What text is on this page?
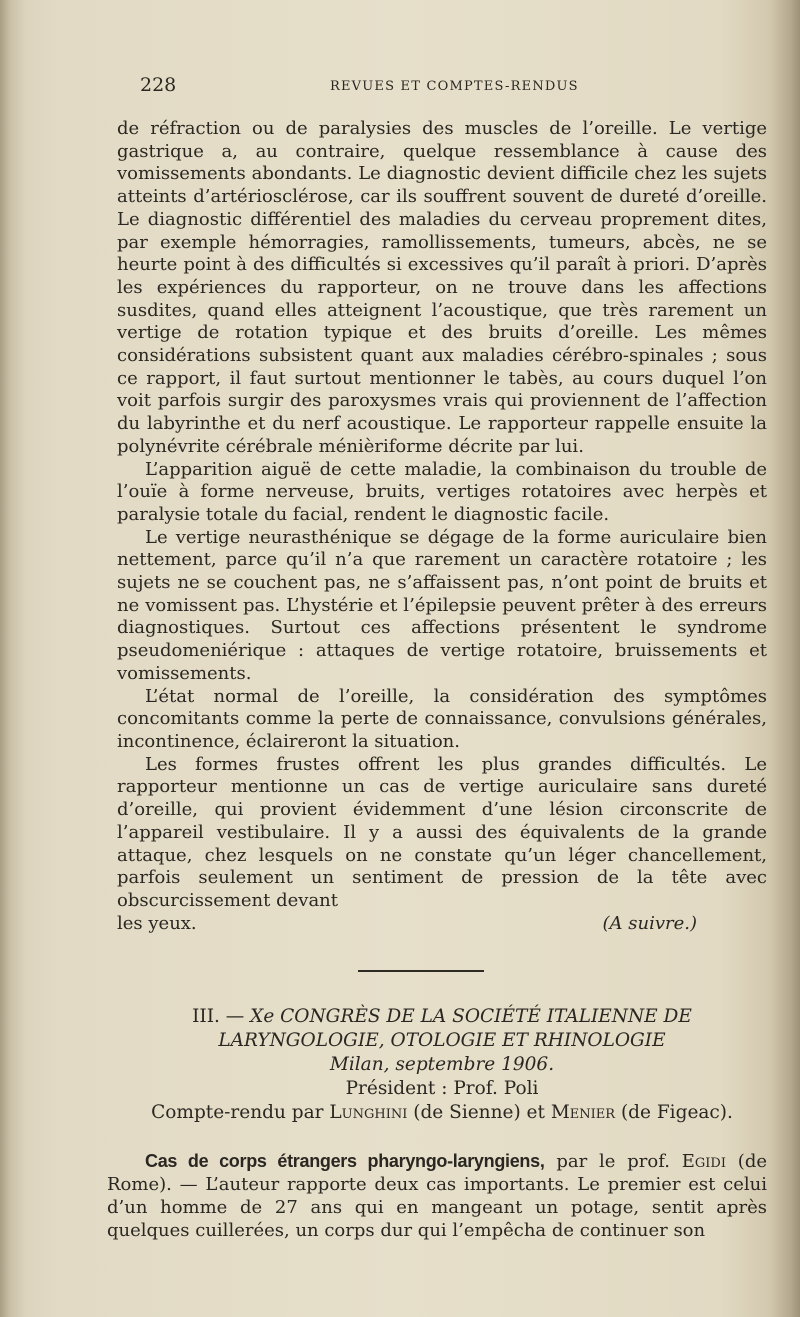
228	REVUES ET COMPTES-RENDUS

de réfraction ou de paralysies des muscles de l’oreille. Le vertige gastrique a, au contraire, quelque ressemblance à cause des vomissements abondants. Le diagnostic devient difficile chez les sujets atteints d’artériosclérose, car ils souffrent souvent de dureté d’oreille. Le diagnostic différentiel des maladies du cerveau proprement dites, par exemple hémorragies, ramollissements, tumeurs, abcès, ne se heurte point à des difficultés si excessives qu’il paraît à priori. D’après les expériences du rapporteur, on ne trouve dans les affections susdites, quand elles atteignent l’acoustique, que très rarement un vertige de rotation typique et des bruits d’oreille. Les mêmes considérations subsistent quant aux maladies cérébro-spinales ; sous ce rapport, il faut surtout mentionner le tabès, au cours duquel l’on voit parfois surgir des paroxysmes vrais qui proviennent de l’affection du labyrinthe et du nerf acoustique. Le rapporteur rappelle ensuite la polynévrite cérébrale ménièriforme décrite par lui.

L’apparition aiguë de cette maladie, la combinaison du trouble de l’ouïe à forme nerveuse, bruits, vertiges rotatoires avec herpès et paralysie totale du facial, rendent le diagnostic facile.

Le vertige neurasthénique se dégage de la forme auriculaire bien nettement, parce qu’il n’a que rarement un caractère rotatoire ; les sujets ne se couchent pas, ne s’affaissent pas, n’ont point de bruits et ne vomissent pas. L’hystérie et l’épilepsie peuvent prêter à des erreurs diagnostiques. Surtout ces affections présentent le syndrome pseudomeniérique : attaques de vertige rotatoire, bruissements et vomissements.

L’état normal de l’oreille, la considération des symptômes concomitants comme la perte de connaissance, convulsions générales, incontinence, éclaireront la situation.

Les formes frustes offrent les plus grandes difficultés. Le rapporteur mentionne un cas de vertige auriculaire sans dureté d’oreille, qui provient évidemment d’une lésion circonscrite de l’appareil vestibulaire. Il y a aussi des équivalents de la grande attaque, chez lesquels on ne constate qu’un léger chancellement, parfois seulement un sentiment de pression de la tête avec obscurcissement devant

les yeux.	(A suivre.)

III. — Xe CONGRÈS DE LA SOCIÉTÉ ITALIENNE DE
LARYNGOLOGIE, OTOLOGIE ET RHINOLOGIE
Milan, septembre 1906.
Président : Prof. Poli
Compte-rendu par Lunghini (de Sienne) et Menier (de Figeac).

Cas de corps étrangers pharyngo-laryngiens, par le prof. Egidi (de Rome). — L’auteur rapporte deux cas importants. Le premier est celui d’un homme de 27 ans qui en mangeant un potage, sentit après quelques cuillerées, un corps dur qui l’empêcha de continuer son
